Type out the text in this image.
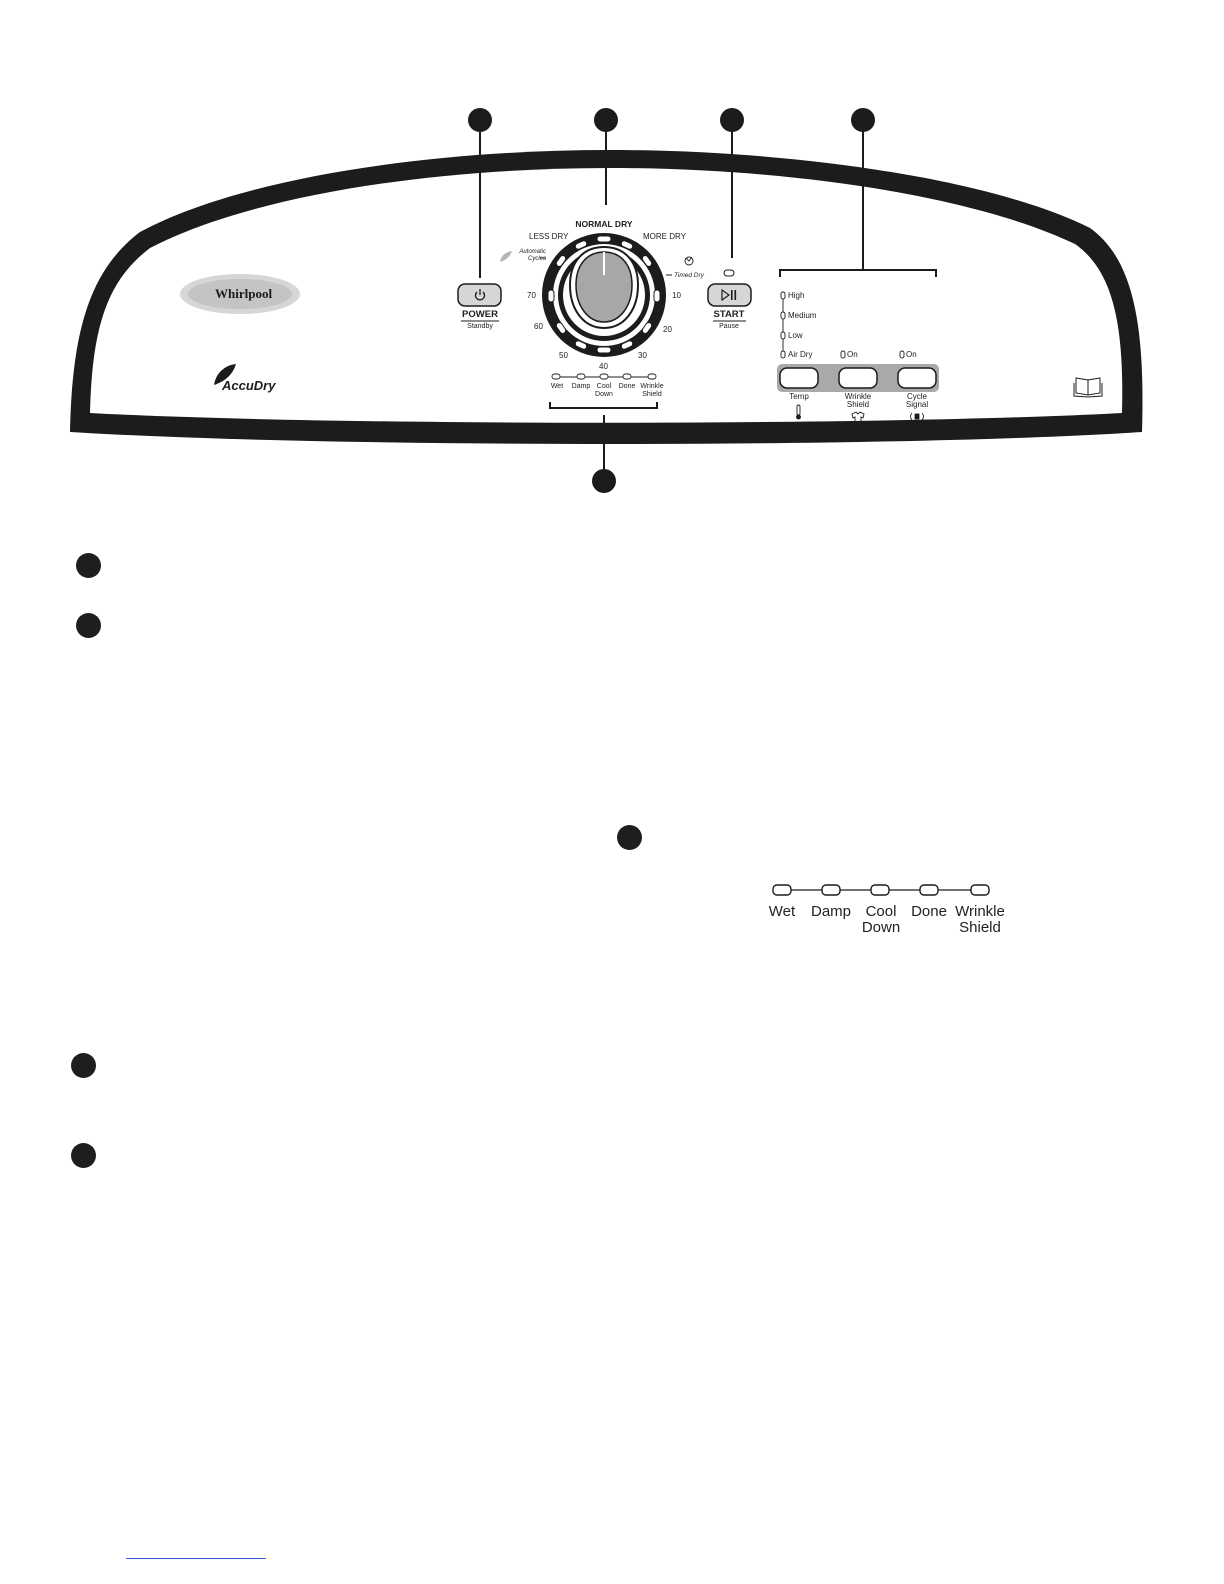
Whirlpool
AccuDry
POWER
Standby
START
Pause
NORMAL DRY
LESS DRY	MORE DRY
Automatic Cycles
Timed Dry
70
60
50
40
30
20
10
Wet	Damp Cool
Down
Done Wrinkle
Shield
High
Medium
Low
Air Dry	On	On
Temp	Wrinkle
Shield
Cycle
Signal
Wet	Damp Cool
Down
Done Wrinkle
Shield
